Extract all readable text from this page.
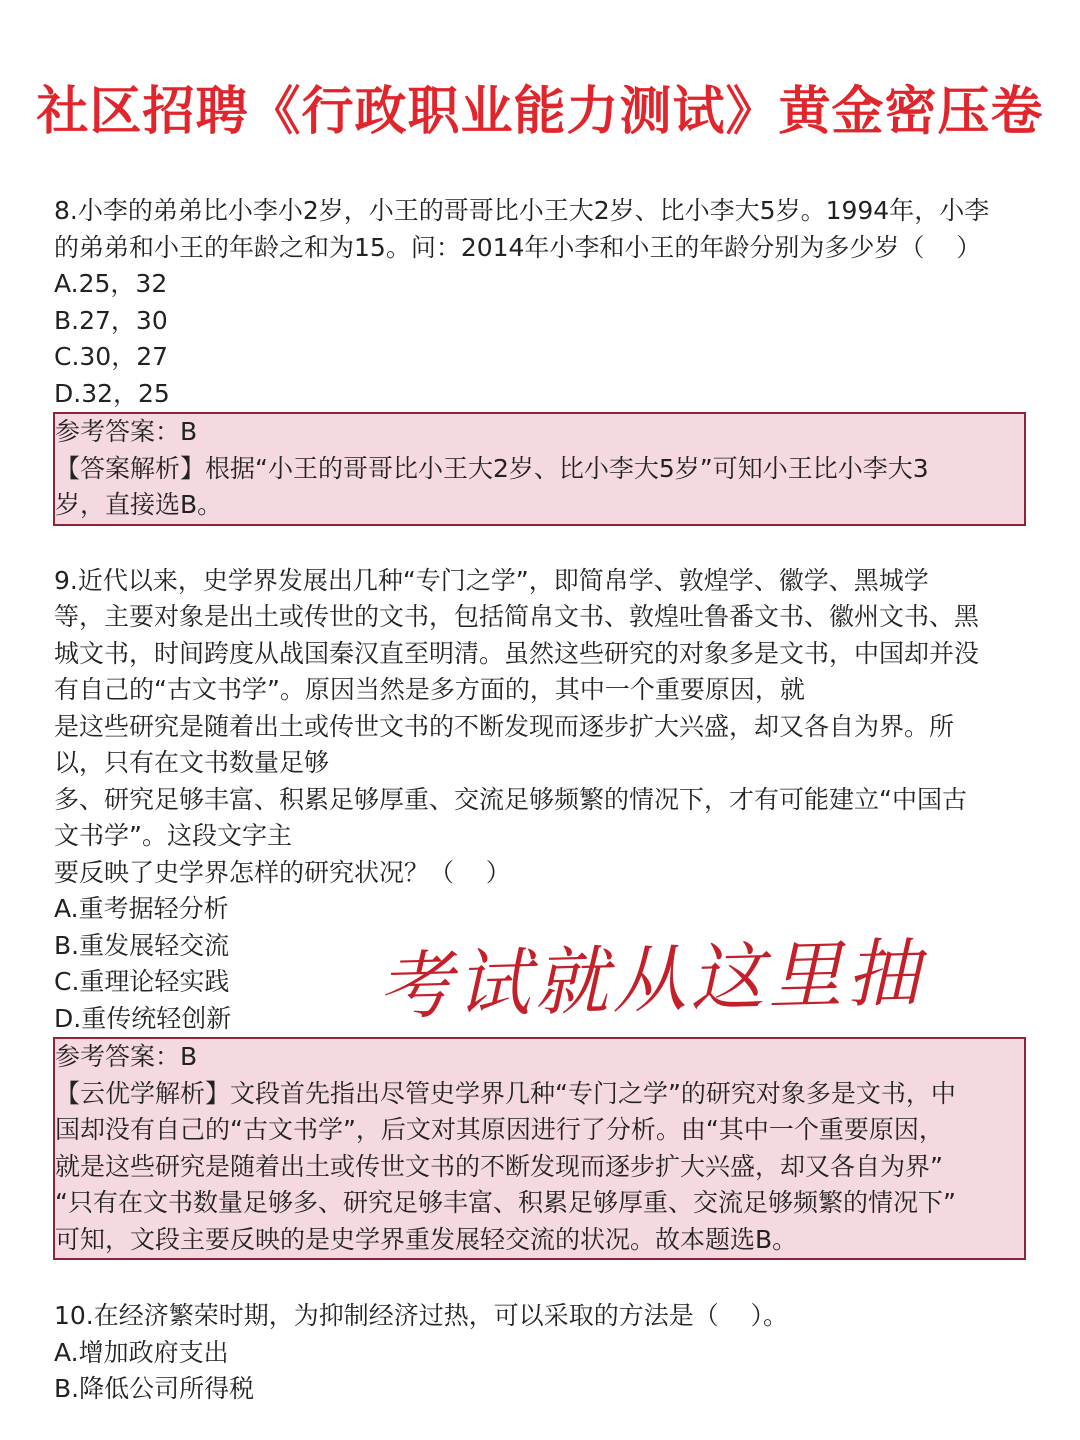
社区招聘《行政职业能力测试》黄金密压卷

8.小李的弟弟比小李小2岁，小王的哥哥比小王大2岁、比小李大5岁。1994年，小李
的弟弟和小王的年龄之和为15。问：2014年小李和小王的年龄分别为多少岁（    ）

A.25，32

B.27，30

C.30，27

D.32，25

参考答案：B

【答案解析】根据“小王的哥哥比小王大2岁、比小李大5岁”可知小王比小李大3

岁，直接选B。

9.近代以来，史学界发展出几种“专门之学”，即简帛学、敦煌学、徽学、黑城学
等，主要对象是出土或传世的文书，包括简帛文书、敦煌吐鲁番文书、徽州文书、黑
城文书，时间跨度从战国秦汉直至明清。虽然这些研究的对象多是文书，中国却并没
有自己的“古文书学”。原因当然是多方面的，其中一个重要原因，就
是这些研究是随着出土或传世文书的不断发现而逐步扩大兴盛，却又各自为界。所
以，只有在文书数量足够
多、研究足够丰富、积累足够厚重、交流足够频繁的情况下，才有可能建立“中国古
文书学”。这段文字主
要反映了史学界怎样的研究状况？（    ）

A.重考据轻分析

B.重发展轻交流

C.重理论轻实践

D.重传统轻创新

参考答案：B

【云优学解析】文段首先指出尽管史学界几种“专门之学”的研究对象多是文书，中

国却没有自己的“古文书学”，后文对其原因进行了分析。由“其中一个重要原因，

就是这些研究是随着出土或传世文书的不断发现而逐步扩大兴盛，却又各自为界”

“只有在文书数量足够多、研究足够丰富、积累足够厚重、交流足够频繁的情况下”

可知，文段主要反映的是史学界重发展轻交流的状况。故本题选B。

10.在经济繁荣时期，为抑制经济过热，可以采取的方法是（    ）。

A.增加政府支出

B.降低公司所得税

考试就从这里抽
